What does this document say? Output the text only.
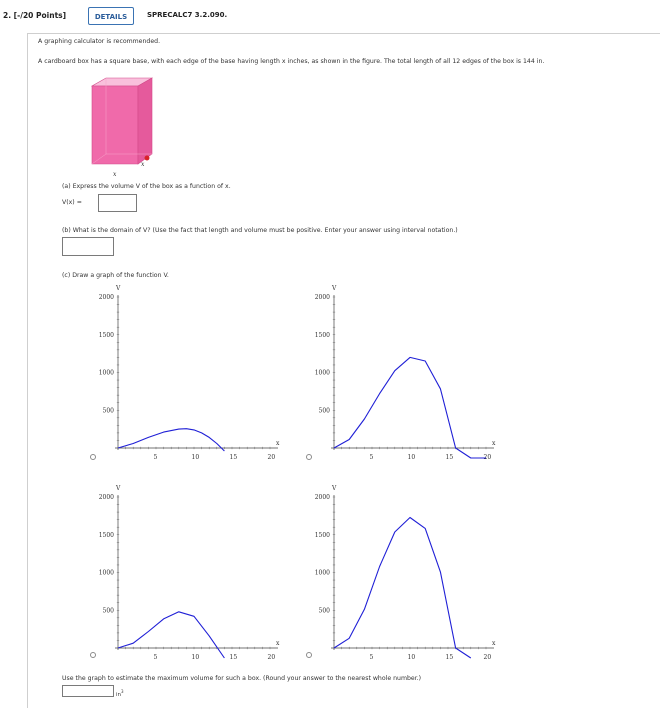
2. [-/20 Points]	DETAILS	SPRECALC7 3.2.090.
A graphing calculator is recommended.
A cardboard box has a square base, with each edge of the base having length x inches, as shown in the figure. The total length of all 12 edges of the box is 144 in.
x
x
(a) Express the volume V of the box as a function of x.
V(x) =
(b) What is the domain of V? (Use the fact that length and volume must be positive. Enter your answer using interval notation.)
(c) Draw a graph of the function V.
5	10	15	20
500
1000
1500
2000
x
V
5	10	15	20
500
1000
1500
2000
x
V
5	10	15	20
500
1000
1500
2000
x
V
5	10	15	20
500
1000
1500
2000
x
V
Use the graph to estimate the maximum volume for such a box. (Round your answer to the nearest whole number.)
$in^3$
